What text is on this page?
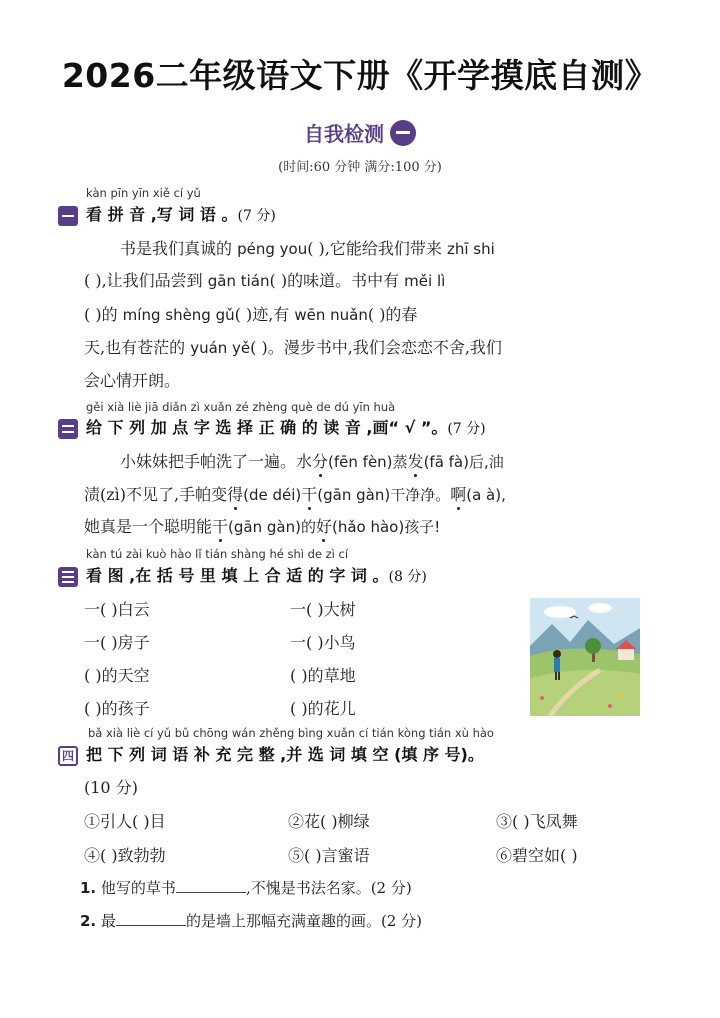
2026二年级语文下册《开学摸底自测》
自我检测
(时间:60 分钟 满分:100 分)
kàn pīn yīn xiě cí yǔ
看 拼 音 ,写 词 语 。(7 分)
书是我们真诚的 péng you( ),它能给我们带来 zhī shi
( ),让我们品尝到 gān tián( )的味道。书中有 měi lì
( )的 míng shèng gǔ( )迹,有 wēn nuǎn( )的春
天,也有苍茫的 yuán yě( )。漫步书中,我们会恋恋不舍,我们
会心情开朗。
gěi xià liè jiā diǎn zì xuǎn zé zhèng què de dú yīn huà
给 下 列 加 点 字 选 择 正 确 的 读 音 ,画“ √ ”。(7 分)
小妹妹把手帕洗了一遍。水分(fēn fèn)蒸发(fā fà)后,油
渍(zì)不见了,手帕变得(de déi)干(gān gàn)干净净。啊(a à),
她真是一个聪明能干(gān gàn)的好(hǎo hào)孩子!
kàn tú zài kuò hào lǐ tián shàng hé shì de zì cí
看 图 ,在 括 号 里 填 上 合 适 的 字 词 。(8 分)
一( )白云	一( )大树
一( )房子	一( )小鸟
( )的天空	( )的草地
( )的孩子	( )的花儿
bǎ xià liè cí yǔ bǔ chōng wán zhěng bìng xuǎn cí tián kòng tián xù hào
四 把 下 列 词 语 补 充 完 整 ,并 选 词 填 空 (填 序 号)。
(10 分)
①引人( )目	②花( )柳绿	③( )飞凤舞
④( )致勃勃	⑤( )言蜜语	⑥碧空如( )
1. 他写的草书	,不愧是书法名家。(2 分)
2. 最	的是墙上那幅充满童趣的画。(2 分)
